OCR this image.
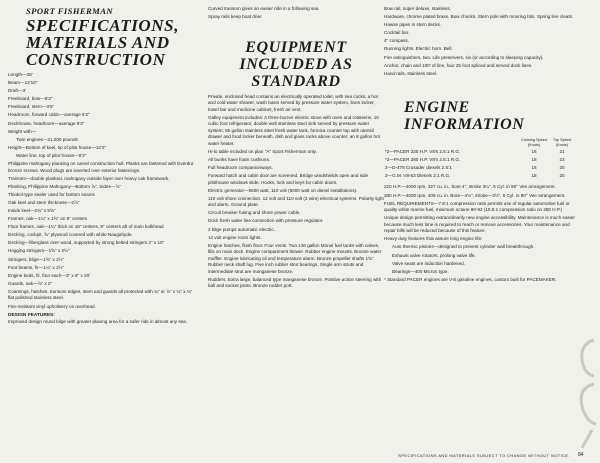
SPORT FISHERMAN
SPECIFICATIONS,
MATERIALS AND
CONSTRUCTION
Length—38'
Beam—13'10"
Draft—3'
Freeboard, bow—6'2"
Freeboard, stern—3'6"
Headroom, forward cabin—average 6'2"
Deckhouse, headroom—average 6'3"
Weight with—
Twin engines—21,000 pounds
Height—Bottom of keel, tip of pilot house—12'2"
Water line, top of pilot house—9'2"
Philippine mahogany planking on carvel construction hull. Planks are fastened with Everdur bronze screws. Wood plugs are inserted over exterior fastenings.
Transom—double planked, mahogany outside layer over heavy oak framework.
Planking, Philippine Mahogany—Bottom ⅞", Sides—⅞"
Thiokol-type sealer used for bottom seams
Oak keel and stem thickness—2⅞"
Inside keel—2¾" x 5⅝"
Frames, oak—1¼" x 1⅝" on 9" centers
Floor frames, oak—1¼" thick on 18" centers, 9" centers aft of main bulkhead
Decking, cockpit, ⅝" plywood covered with white Naugahyde.
Decking—fiberglass over wood, supported by strong belted stringers 2" x 10"
Hogging stringers—1⅝" x 2½"
Stringers, bilge—1⅝" x 2½"
Foot beams, fir—1¼" x 2½"
Engine beds, fir, four each—3" x 8" x 20'
Guards, oak—⅞" x 2"
Coamings, hatches, transom edges, stem and guards all protected with ¾" or ⅞" x ¼" x ⅛" flat polished stainless steel.
Fire-resistant vinyl upholstery on overhead.
DESIGN FEATURES:
Improved design round bilge with greater planing area for a safer ride in almost any sea.
Curved transom gives an easier ride in a following sea.
Spray rails keep boat drier.
EQUIPMENT
INCLUDED AS
STANDARD
Private, enclosed head contains an electrically operated toilet, with sea cocks, a hot and cold water shower, wash basin served by pressure water system, linen locker, towel bar and medicine cabinet; fresh air vent.
Galley equipment includes: A three-burner electric stove with oven and rotisserie, 10 cubic foot refrigerator, double well stainless steel sink served by pressure water system; 85 gallon stainless steel fresh water tank, formica counter top with utensil drawer and food locker beneath, dish and glass racks above counter; an 8 gallon hot water heater.
Hi-lo table included on plan "A" Sport Fisherman only.
All bunks have foam cushions.
Full headroom companionways.
Forward hatch and cabin door are screened. Bridge windshields open and side pilothouse windows slide. Hooks, lock and keys for cabin doors.
Electric generator—6500 watt, 110 volt (6000 watt on diesel installations).
110 volt shore connection. 12 volt and 110 volt (3 wire) electrical systems. Polarity light and alarm. Ground plate.
Circuit breaker fusing and shore power cable.
Dock fresh water line connection with pressure regulator.
2 bilge pumps automatic electric.
12 volt engine room lights.
Engine hatches, flush floor. Four vents. Two 130 gallon Monel fuel tanks with valves, fills on main deck. Engine compartment blower. Rubber engine mounts. Bronze water muffler. Engine lubricating oil and temperature alarm. Bronze propeller shafts 1⅝". Rubber neck shaft lug. Five inch rubber strut bearings. Single arm struts and intermediate strut are manganese bronze.
Rudders. Extra large, balanced type manganese bronze. Positive action steering with ball and socket joints. Bronze rudder port.
Bow rail, super deluxe, stainless.
Hardware, chrome plated brass. Bow chocks. Stern pole with mooring bits. Spring line cleats.
Hawse pipes in stern decks.
Cocktail bar.
4" compass.
Running lights. Electric horn. Bell.
Fire extinguishers, two. Life preservers, six (or according to sleeping capacity).
Anchor, chain and 100' of line, four 25 foot spliced and served dock lines.
Hand rails, stainless steel.
ENGINE
INFORMATION
	Cruising Speed (Knots)	Top Speed (Knots)
*2—PACER 220 H.P. V8's 2.5:1 R.G.	16	21
*2—PACER 280 H.P. V8's 2.5:1 R.G.	18	23
2—D-478 Crusader diesels 2.5:1	16	20
2—G.M. V8-53 Diesels 2:1 R.G.	18	20
220 H.P.—4000 rpm, 327 cu. in., bore 4", stroke 3¼", 8 Cyl. in 90° Vee arrangement.
280 H.P.—4000 rpm, 409 cu. in. Bore—4⅛", stroke—3½", 8 Cyl. in 90° Vee arrangement.
FUEL REQUIREMENTS—7.8:1 compression ratio permits use of regular automotive fuel or quality white marine fuel, minimum octane 90-92 (10.5:1 compression ratio on 280 H.P.)
Unique design permitting extraordinarily new engine accessibility. Maintenance is much easier because much less time is required to reach or remove accessories. Your maintenance and repair bills will be reduced because of this feature.
Heavy duty features that assure long engine life:
Auto thermic pistons—designed to prevent cylinder wall breakthrough.
Exhaust valve rotators, prolong valve life.
Valve seats are induction hardened.
Bearings—400 Micron type.
* Standard PACER engines are V-8 gasoline engines, custom built for PACEMAKER.
SPECIFICATIONS AND MATERIALS SUBJECT TO CHANGE WITHOUT NOTICE. 84
